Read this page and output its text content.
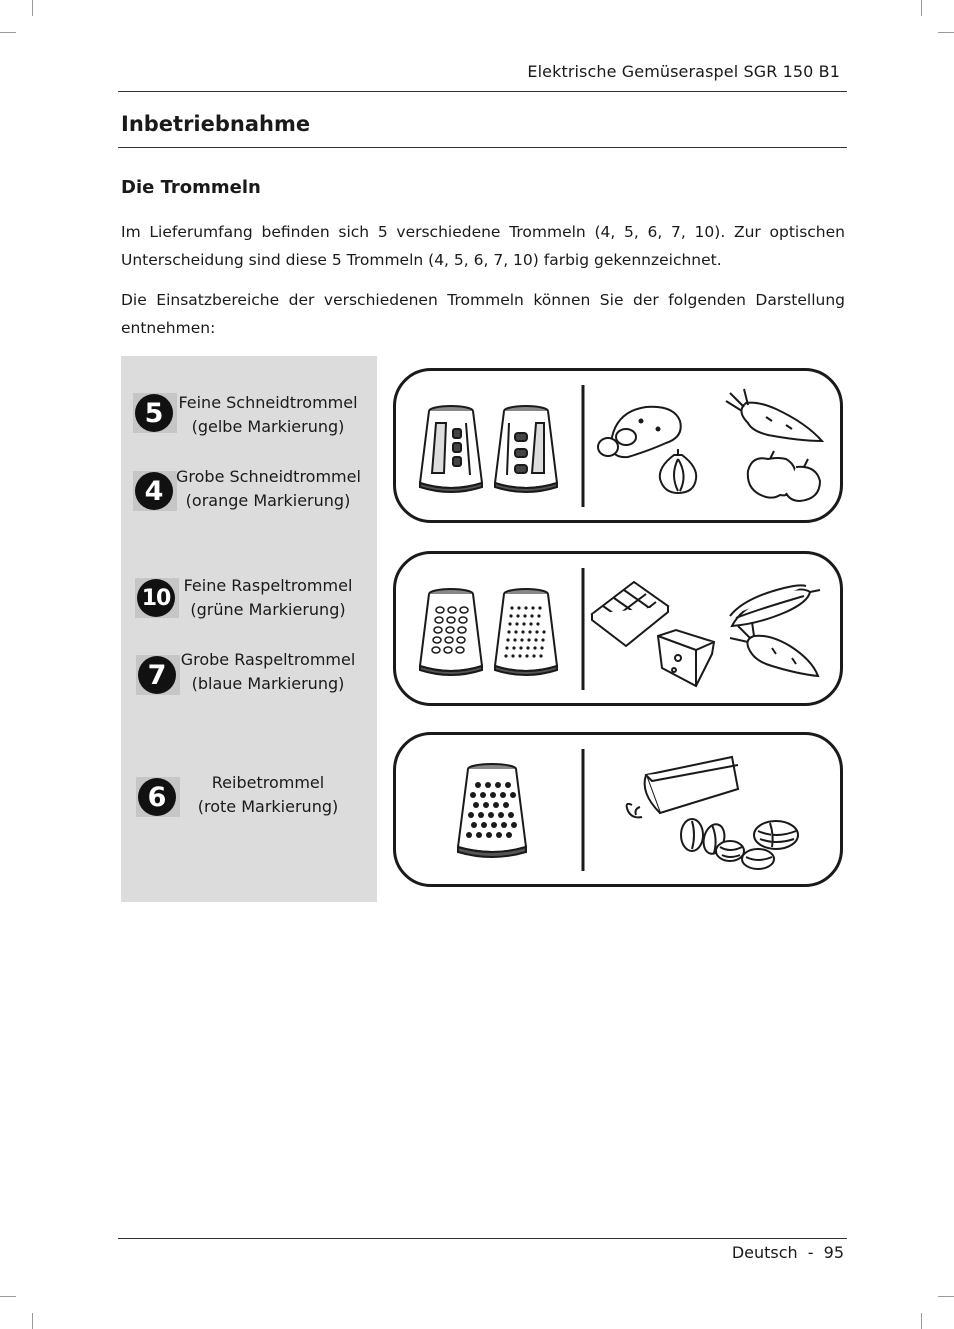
Elektrische Gemüseraspel SGR 150 B1
Inbetriebnahme
Die Trommeln

Im Lieferumfang befinden sich 5 verschiedene Trommeln (4, 5, 6, 7, 10). Zur optischen
Unterscheidung sind diese 5 Trommeln (4, 5, 6, 7, 10) farbig gekennzeichnet.

Die Einsatzbereiche der verschiedenen Trommeln können Sie der folgenden Darstellung
entnehmen:

5 Feine Schneidtrommel
(gelbe Markierung)
4 Grobe Schneidtrommel
(orange Markierung)
10 Feine Raspeltrommel
(grüne Markierung)
7 Grobe Raspeltrommel
(blaue Markierung)
6	Reibetrommel
(rote Markierung)
Deutsch - 95
